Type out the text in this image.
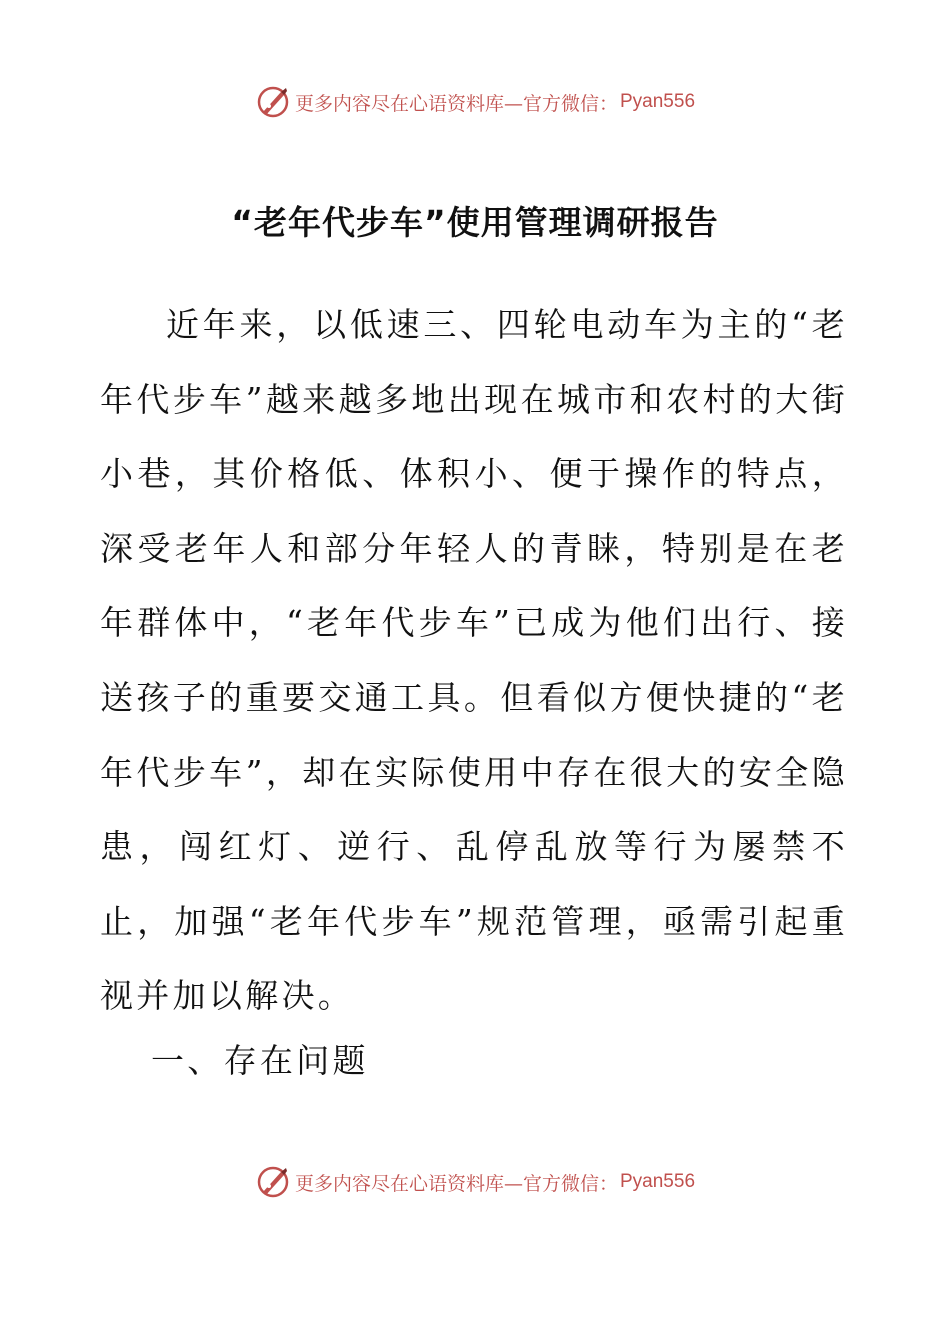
更多内容尽在心语资料库—官方微信： Pyan556
“老年代步车”使用管理调研报告

近年来，以低速三、四轮电动车为主的“老年代步车”越来越多地出现在城市和农村的大街小巷，其价格低、体积小、便于操作的特点，深受老年人和部分年轻人的青睐，特别是在老年群体中，“老年代步车”已成为他们出行、接送孩子的重要交通工具。但看似方便快捷的“老年代步车”，却在实际使用中存在很大的安全隐患，闯红灯、逆行、乱停乱放等行为屡禁不止，加强“老年代步车”规范管理，亟需引起重视并加以解决。

一、存在问题
更多内容尽在心语资料库—官方微信： Pyan556
